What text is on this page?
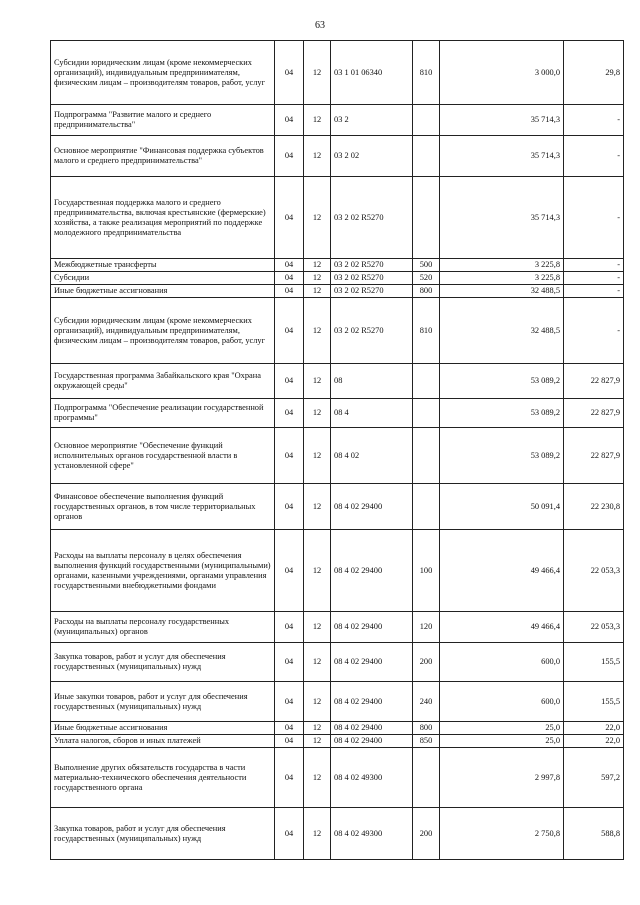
63
Субсидии юридическим лицам (кроме некоммерческих организаций), индивидуальным предпринимателям, физическим лицам – производителям товаров, работ, услуг	04	12	03 1 01 06340	810	3 000,0	29,8
Подпрограмма "Развитие малого и среднего предпринимательства"	04	12	03 2		35 714,3	-
Основное мероприятие "Финансовая поддержка субъектов малого и среднего предпринимательства"	04	12	03 2 02		35 714,3	-
Государственная поддержка малого и среднего предпринимательства, включая крестьянские (фермерские) хозяйства, а также реализация мероприятий по поддержке молодежного предпринимательства	04	12	03 2 02 R5270		35 714,3	-
Межбюджетные трансферты	04	12	03 2 02 R5270	500	3 225,8	-
Субсидии	04	12	03 2 02 R5270	520	3 225,8	-
Иные бюджетные ассигнования	04	12	03 2 02 R5270	800	32 488,5	-
Субсидии юридическим лицам (кроме некоммерческих организаций), индивидуальным предпринимателям, физическим лицам – производителям товаров, работ, услуг	04	12	03 2 02 R5270	810	32 488,5	-
Государственная программа Забайкальского края "Охрана окружающей среды"	04	12	08		53 089,2	22 827,9
Подпрограмма "Обеспечение реализации государственной программы"	04	12	08 4		53 089,2	22 827,9
Основное мероприятие "Обеспечение функций исполнительных органов государственной власти в установленной сфере"	04	12	08 4 02		53 089,2	22 827,9
Финансовое обеспечение выполнения функций государственных органов, в том числе территориальных органов	04	12	08 4 02 29400		50 091,4	22 230,8
Расходы на выплаты персоналу в целях обеспечения выполнения функций государственными (муниципальными) органами, казенными учреждениями, органами управления государственными внебюджетными фондами	04	12	08 4 02 29400	100	49 466,4	22 053,3
Расходы на выплаты персоналу государственных (муниципальных) органов	04	12	08 4 02 29400	120	49 466,4	22 053,3
Закупка товаров, работ и услуг для обеспечения государственных (муниципальных) нужд	04	12	08 4 02 29400	200	600,0	155,5
Иные закупки товаров, работ и услуг для обеспечения государственных (муниципальных) нужд	04	12	08 4 02 29400	240	600,0	155,5
Иные бюджетные ассигнования	04	12	08 4 02 29400	800	25,0	22,0
Уплата налогов, сборов и иных платежей	04	12	08 4 02 29400	850	25,0	22,0
Выполнение других обязательств государства в части материально-технического обеспечения деятельности государственного органа	04	12	08 4 02 49300		2 997,8	597,2
Закупка товаров, работ и услуг для обеспечения государственных (муниципальных) нужд	04	12	08 4 02 49300	200	2 750,8	588,8
